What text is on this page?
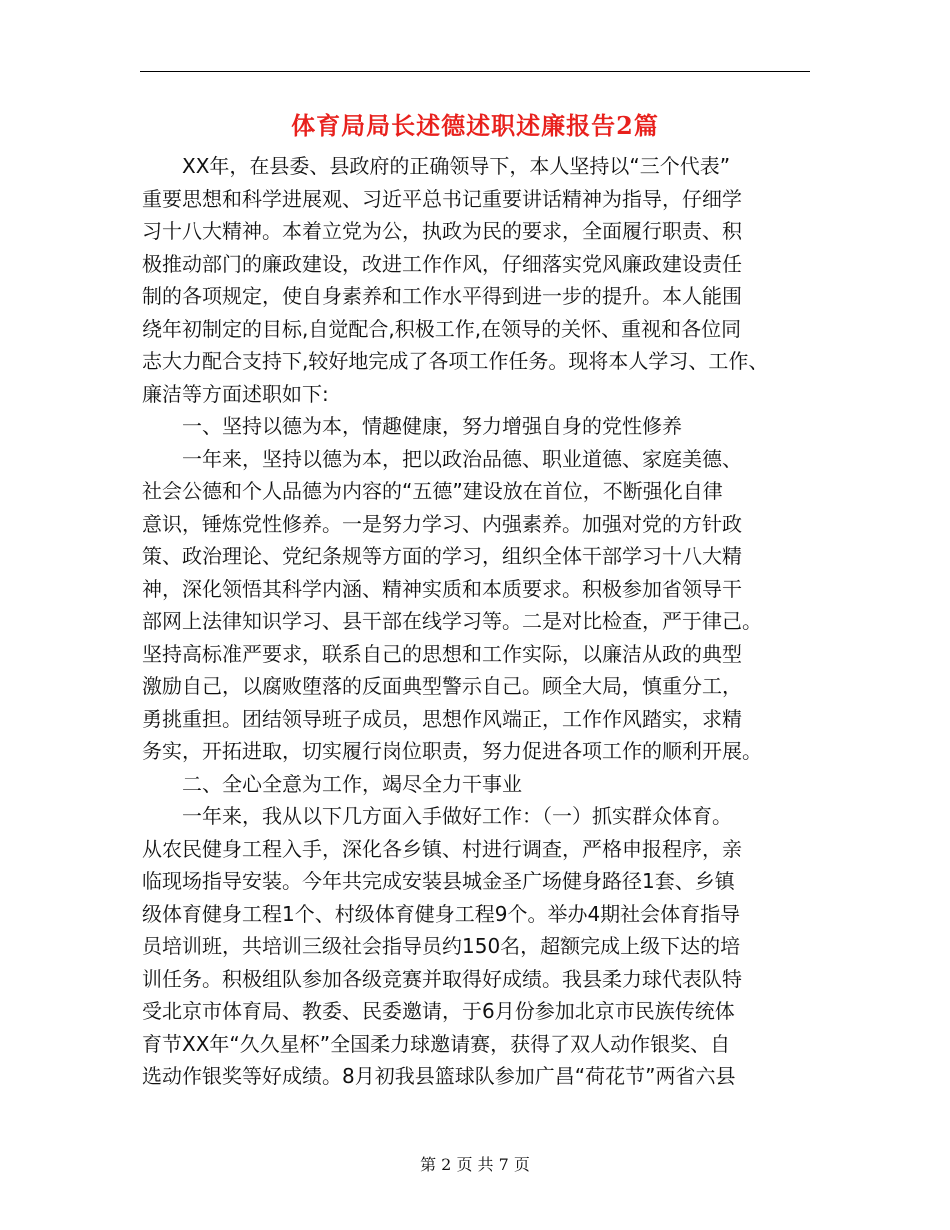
体育局局长述德述职述廉报告2篇
XX年，在县委、县政府的正确领导下，本人坚持以“三个代表”
重要思想和科学进展观、习近平总书记重要讲话精神为指导，仔细学
习十八大精神。本着立党为公，执政为民的要求，全面履行职责、积
极推动部门的廉政建设，改进工作作风，仔细落实党风廉政建设责任
制的各项规定，使自身素养和工作水平得到进一步的提升。本人能围
绕年初制定的目标,自觉配合,积极工作,在领导的关怀、重视和各位同
志大力配合支持下,较好地完成了各项工作任务。现将本人学习、工作、
廉洁等方面述职如下:
一、坚持以德为本，情趣健康，努力增强自身的党性修养
一年来，坚持以德为本，把以政治品德、职业道德、家庭美德、
社会公德和个人品德为内容的“五德”建设放在首位，不断强化自律
意识，锤炼党性修养。一是努力学习、内强素养。加强对党的方针政
策、政治理论、党纪条规等方面的学习，组织全体干部学习十八大精
神，深化领悟其科学内涵、精神实质和本质要求。积极参加省领导干
部网上法律知识学习、县干部在线学习等。二是对比检查，严于律己。
坚持高标准严要求，联系自己的思想和工作实际，以廉洁从政的典型
激励自己，以腐败堕落的反面典型警示自己。顾全大局，慎重分工，
勇挑重担。团结领导班子成员，思想作风端正，工作作风踏实，求精
务实，开拓进取，切实履行岗位职责，努力促进各项工作的顺利开展。
二、全心全意为工作，竭尽全力干事业
一年来，我从以下几方面入手做好工作：（一）抓实群众体育。
从农民健身工程入手，深化各乡镇、村进行调查，严格申报程序，亲
临现场指导安装。今年共完成安装县城金圣广场健身路径1套、乡镇
级体育健身工程1个、村级体育健身工程9个。举办4期社会体育指导
员培训班，共培训三级社会指导员约150名，超额完成上级下达的培
训任务。积极组队参加各级竞赛并取得好成绩。我县柔力球代表队特
受北京市体育局、教委、民委邀请，于6月份参加北京市民族传统体
育节XX年“久久星杯”全国柔力球邀请赛，获得了双人动作银奖、自
选动作银奖等好成绩。8月初我县篮球队参加广昌“荷花节”两省六县
第 2 页 共 7 页
